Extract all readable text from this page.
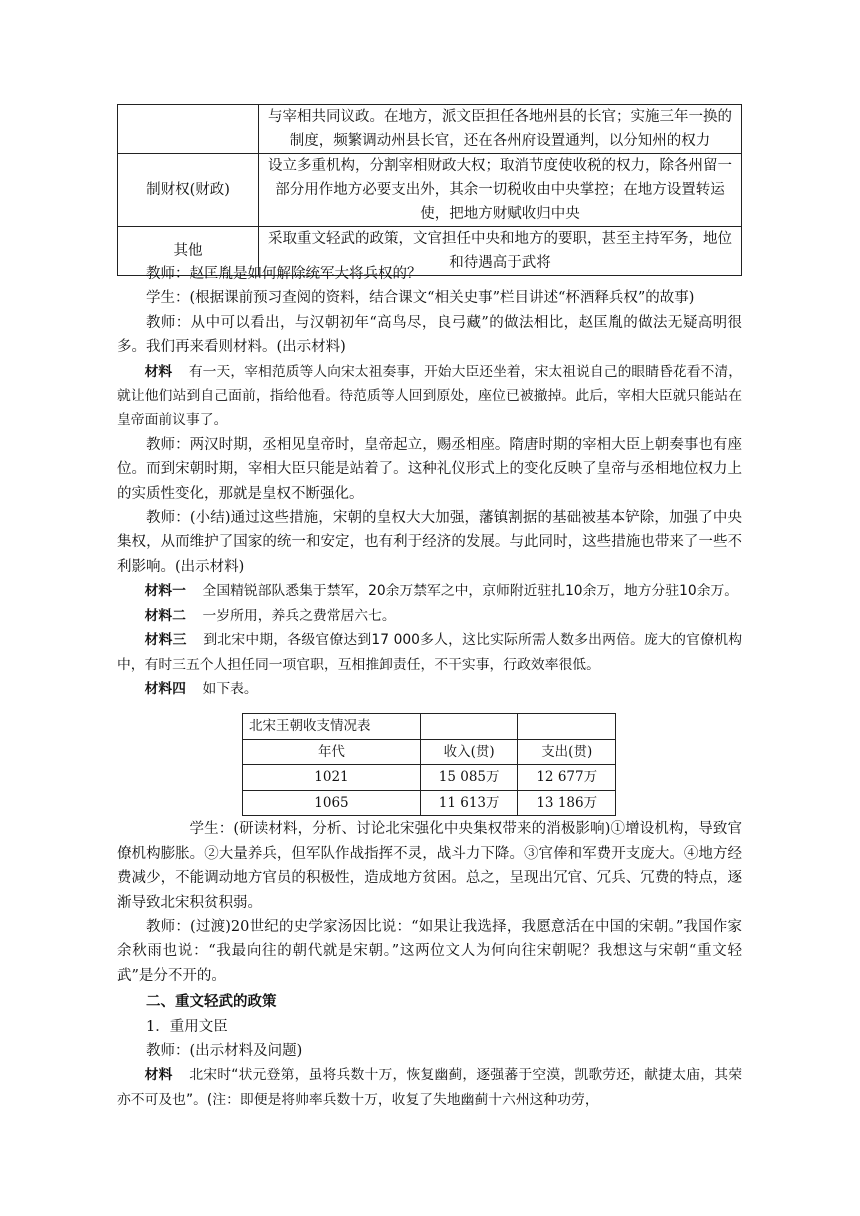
	与宰相共同议政。在地方，派文臣担任各地州县的长官；实施三年一换的制度，频繁调动州县长官，还在各州府设置通判，以分知州的权力
制财权(财政)	设立多重机构，分割宰相财政大权；取消节度使收税的权力，除各州留一部分用作地方必要支出外，其余一切税收由中央掌控；在地方设置转运使，把地方财赋收归中央
其他	采取重文轻武的政策，文官担任中央和地方的要职，甚至主持军务，地位和待遇高于武将

教师：赵匡胤是如何解除统军大将兵权的？

学生：(根据课前预习查阅的资料，结合课文“相关史事”栏目讲述“杯酒释兵权”的故事)

教师：从中可以看出，与汉朝初年“高鸟尽，良弓藏”的做法相比，赵匡胤的做法无疑高明很多。我们再来看则材料。(出示材料)

材料 有一天，宰相范质等人向宋太祖奏事，开始大臣还坐着，宋太祖说自己的眼睛昏花看不清，就让他们站到自己面前，指给他看。待范质等人回到原处，座位已被撤掉。此后，宰相大臣就只能站在皇帝面前议事了。

教师：两汉时期，丞相见皇帝时，皇帝起立，赐丞相座。隋唐时期的宰相大臣上朝奏事也有座位。而到宋朝时期，宰相大臣只能是站着了。这种礼仪形式上的变化反映了皇帝与丞相地位权力上的实质性变化，那就是皇权不断强化。

教师：(小结)通过这些措施，宋朝的皇权大大加强，藩镇割据的基础被基本铲除，加强了中央集权，从而维护了国家的统一和安定，也有利于经济的发展。与此同时，这些措施也带来了一些不利影响。(出示材料)

材料一 全国精锐部队悉集于禁军，20余万禁军之中，京师附近驻扎10余万，地方分驻10余万。

材料二 一岁所用，养兵之费常居六七。

材料三 到北宋中期，各级官僚达到17 000多人，这比实际所需人数多出两倍。庞大的官僚机构中，有时三五个人担任同一项官职，互相推卸责任，不干实事，行政效率很低。

材料四 如下表。

北宋王朝收支情况表		
年代	收入(贯)	支出(贯)
1021	15 085万	12 677万
1065	11 613万	13 186万

学生：(研读材料，分析、讨论北宋强化中央集权带来的消极影响)①增设机构，导致官僚机构膨胀。②大量养兵，但军队作战指挥不灵，战斗力下降。③官俸和军费开支庞大。④地方经费减少，不能调动地方官员的积极性，造成地方贫困。总之，呈现出冗官、冗兵、冗费的特点，逐渐导致北宋积贫积弱。

教师：(过渡)20世纪的史学家汤因比说：“如果让我选择，我愿意活在中国的宋朝。”我国作家余秋雨也说：“我最向往的朝代就是宋朝。”这两位文人为何向往宋朝呢？我想这与宋朝“重文轻武”是分不开的。

二、重文轻武的政策

1．重用文臣

教师：(出示材料及问题)

材料 北宋时“状元登第，虽将兵数十万，恢复幽蓟，逐强蕃于空漠，凯歌劳还，献捷太庙，其荣亦不可及也”。(注：即便是将帅率兵数十万，收复了失地幽蓟十六州这种功劳，
